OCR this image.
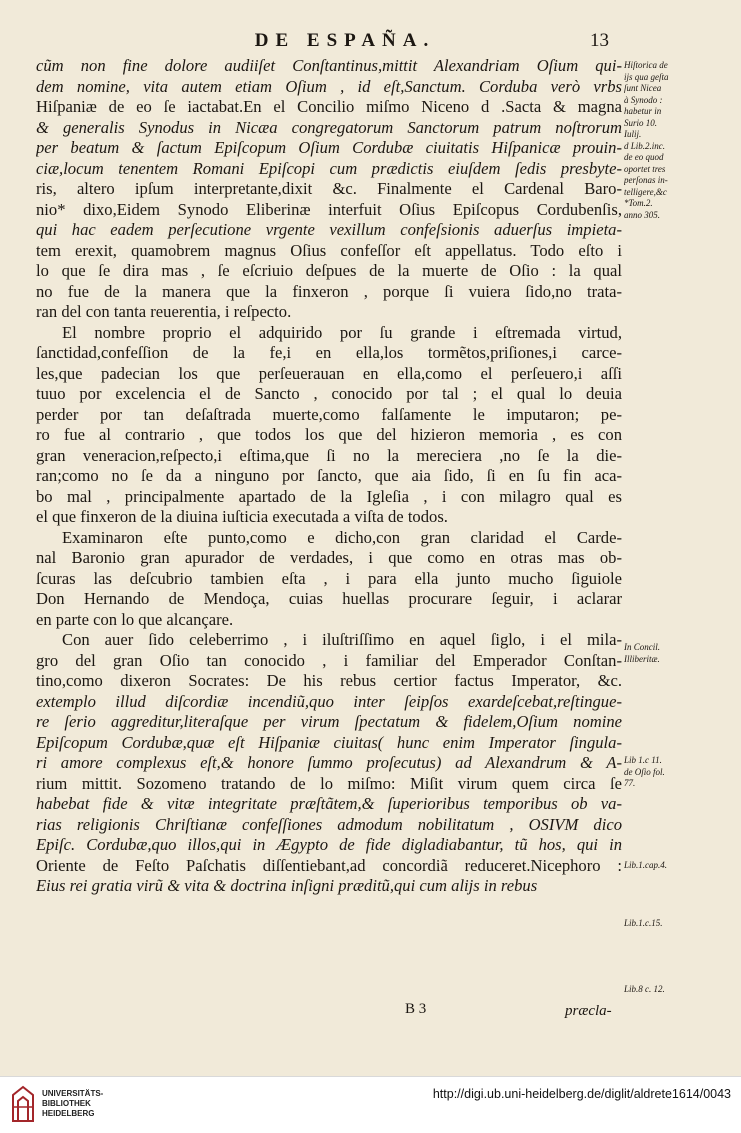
DE ESPAÑA.	13
cũm non fine dolore audiiſet Conſtantinus,mittit Alexandriam Oſium qui-
dem nomine, vita autem etiam Oſium , id eſt,Sanctum. Corduba verò vrbs
Hiſpaniæ de eo ſe iactabat.En el Concilio miſmo Niceno d .Sacta & magna
& generalis Synodus in Nicæa congregatorum Sanctorum patrum noſtrorum
per beatum & ſactum Epiſcopum Oſium Cordubæ ciuitatis Hiſpanicæ prouin-
ciæ,locum tenentem Romani Epiſcopi cum prædictis eiuſdem ſedis presbyte-
ris, altero ipſum interpretante,dixit &c. Finalmente el Cardenal Baro-
nio* dixo,Eidem Synodo Eliberinæ interfuit Oſius Epiſcopus Cordubenſis,
qui hac eadem perſecutione vrgente vexillum confeſsionis aduerſus impieta-
tem erexit, quamobrem magnus Oſius confeſſor eſt appellatus. Todo eſto i
lo que ſe dira mas , ſe eſcriuio deſpues de la muerte de Oſio : la qual
no fue de la manera que la finxeron , porque ſi vuiera ſido,no trata-
ran del con tanta reuerentia, i reſpecto.
El nombre proprio el adquirido por ſu grande i eſtremada virtud,
ſanctidad,confeſſion de la fe,i en ella,los tormẽtos,priſiones,i carce-
les,que padecian los que perſeuerauan en ella,como el perſeuero,i aſſi
tuuo por excelencia el de Sancto , conocido por tal ; el qual lo deuia
perder por tan deſaſtrada muerte,como falſamente le imputaron; pe-
ro fue al contrario , que todos los que del hizieron memoria , es con
gran veneracion,reſpecto,i eſtima,que ſi no la mereciera ,no ſe la die-
ran;como no ſe da a ninguno por ſancto, que aia ſido, ſi en ſu fin aca-
bo mal , principalmente apartado de la Igleſia , i con milagro qual es
el que finxeron de la diuina iuſticia executada a viſta de todos.
Examinaron eſte punto,como e dicho,con gran claridad el Carde-
nal Baronio gran apurador de verdades, i que como en otras mas ob-
ſcuras las deſcubrio tambien eſta , i para ella junto mucho ſiguiole
Don Hernando de Mendoça, cuias huellas procurare ſeguir, i aclarar
en parte con lo que alcançare.
Con auer ſido celeberrimo , i iluſtriſſimo en aquel ſiglo, i el mila-
gro del gran Oſio tan conocido , i familiar del Emperador Conſtan-
tino,como dixeron Socrates: De his rebus certior factus Imperator, &c.
extemplo illud diſcordiæ incendiũ,quo inter ſeipſos exardeſcebat,reſtingue-
re ſerio aggreditur,literaſque per virum ſpectatum & fidelem,Oſium nomine
Epiſcopum Cordubæ,quæ eſt Hiſpaniæ ciuitas( hunc enim Imperator ſingula-
ri amore complexus eſt,& honore ſummo proſecutus) ad Alexandrum & A-
rium mittit. Sozomeno tratando de lo miſmo: Miſit virum quem circa ſe
habebat fide & vitæ integritate præſtãtem,& ſuperioribus temporibus ob va-
rias religionis Chriſtianæ confeſſiones admodum nobilitatum , OSIVM dico
Epiſc. Cordubæ,quo illos,qui in Ægypto de fide digladiabantur, tũ hos, qui in
Oriente de Feſto Paſchatis diſſentiebant,ad concordiã reduceret.Nicephoro :
Eius rei gratia virũ & vita & doctrina inſigni præditũ,qui cum alijs in rebus
Hiſtorica de
ijs qua geſta
ſunt Nicea
à Synodo :
habetur in
Surio 10.
Iulij.
d Lib.2.inc.
de eo quod
oportet tres
perſonas in-
telligere,&c
*Tom.2.
anno 305.
In Concil.
Illiberitæ.
Lib 1.c 11.
de Oſio fol.
77.
Lib.1.cap.4.
Lib.1.c.15.
Lib.8 c. 12.
B 3	præcla-
UNIVERSITÄTS-
BIBLIOTHEK
HEIDELBERG
http://digi.ub.uni-heidelberg.de/diglit/aldrete1614/0043
